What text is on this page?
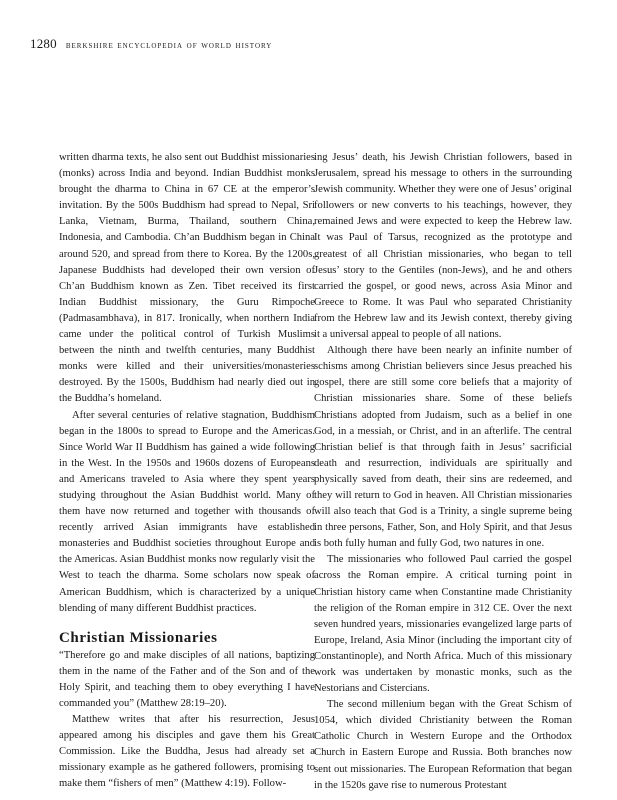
1280 berkshire encyclopedia of world history

written dharma texts, he also sent out Buddhist missionaries (monks) across India and beyond. Indian Buddhist monks brought the dharma to China in 67 CE at the emperor’s invitation. By the 500s Buddhism had spread to Nepal, Sri Lanka, Vietnam, Burma, Thailand, southern China, Indonesia, and Cambodia. Ch’an Buddhism began in China around 520, and spread from there to Korea. By the 1200s, Japanese Buddhists had developed their own version of Ch’an Buddhism known as Zen. Tibet received its first Indian Buddhist missionary, the Guru Rimpoche (Padmasambhava), in 817. Ironically, when northern India came under the political control of Turkish Muslims between the ninth and twelfth centuries, many Buddhist monks were killed and their universities/monasteries destroyed. By the 1500s, Buddhism had nearly died out in the Buddha’s homeland.

After several centuries of relative stagnation, Buddhism began in the 1800s to spread to Europe and the Americas. Since World War II Buddhism has gained a wide following in the West. In the 1950s and 1960s dozens of Europeans and Americans traveled to Asia where they spent years studying throughout the Asian Buddhist world. Many of them have now returned and together with thousands of recently arrived Asian immigrants have established monasteries and Buddhist societies throughout Europe and the Americas. Asian Buddhist monks now regularly visit the West to teach the dharma. Some scholars now speak of American Buddhism, which is characterized by a unique blending of many different Buddhist practices.

Christian Missionaries

“Therefore go and make disciples of all nations, baptizing them in the name of the Father and of the Son and of the Holy Spirit, and teaching them to obey everything I have commanded you” (Matthew 28:19–20).

Matthew writes that after his resurrection, Jesus appeared among his disciples and gave them his Great Commission. Like the Buddha, Jesus had already set a missionary example as he gathered followers, promising to make them “fishers of men” (Matthew 4:19). Follow-

ing Jesus’ death, his Jewish Christian followers, based in Jerusalem, spread his message to others in the surrounding Jewish community. Whether they were one of Jesus’ original followers or new converts to his teachings, however, they remained Jews and were expected to keep the Hebrew law. It was Paul of Tarsus, recognized as the prototype and greatest of all Christian missionaries, who began to tell Jesus’ story to the Gentiles (non-Jews), and he and others carried the gospel, or good news, across Asia Minor and Greece to Rome. It was Paul who separated Christianity from the Hebrew law and its Jewish context, thereby giving it a universal appeal to people of all nations.

Although there have been nearly an infinite number of schisms among Christian believers since Jesus preached his gospel, there are still some core beliefs that a majority of Christian missionaries share. Some of these beliefs Christians adopted from Judaism, such as a belief in one God, in a messiah, or Christ, and in an afterlife. The central Christian belief is that through faith in Jesus’ sacrificial death and resurrection, individuals are spiritually and physically saved from death, their sins are redeemed, and they will return to God in heaven. All Christian missionaries will also teach that God is a Trinity, a single supreme being in three persons, Father, Son, and Holy Spirit, and that Jesus is both fully human and fully God, two natures in one.

The missionaries who followed Paul carried the gospel across the Roman empire. A critical turning point in Christian history came when Constantine made Christianity the religion of the Roman empire in 312 CE. Over the next seven hundred years, missionaries evangelized large parts of Europe, Ireland, Asia Minor (including the important city of Constantinople), and North Africa. Much of this missionary work was undertaken by monastic monks, such as the Nestorians and Cistercians.

The second millenium began with the Great Schism of 1054, which divided Christianity between the Roman Catholic Church in Western Europe and the Orthodox Church in Eastern Europe and Russia. Both branches now sent out missionaries. The European Reformation that began in the 1520s gave rise to numerous Protestant
